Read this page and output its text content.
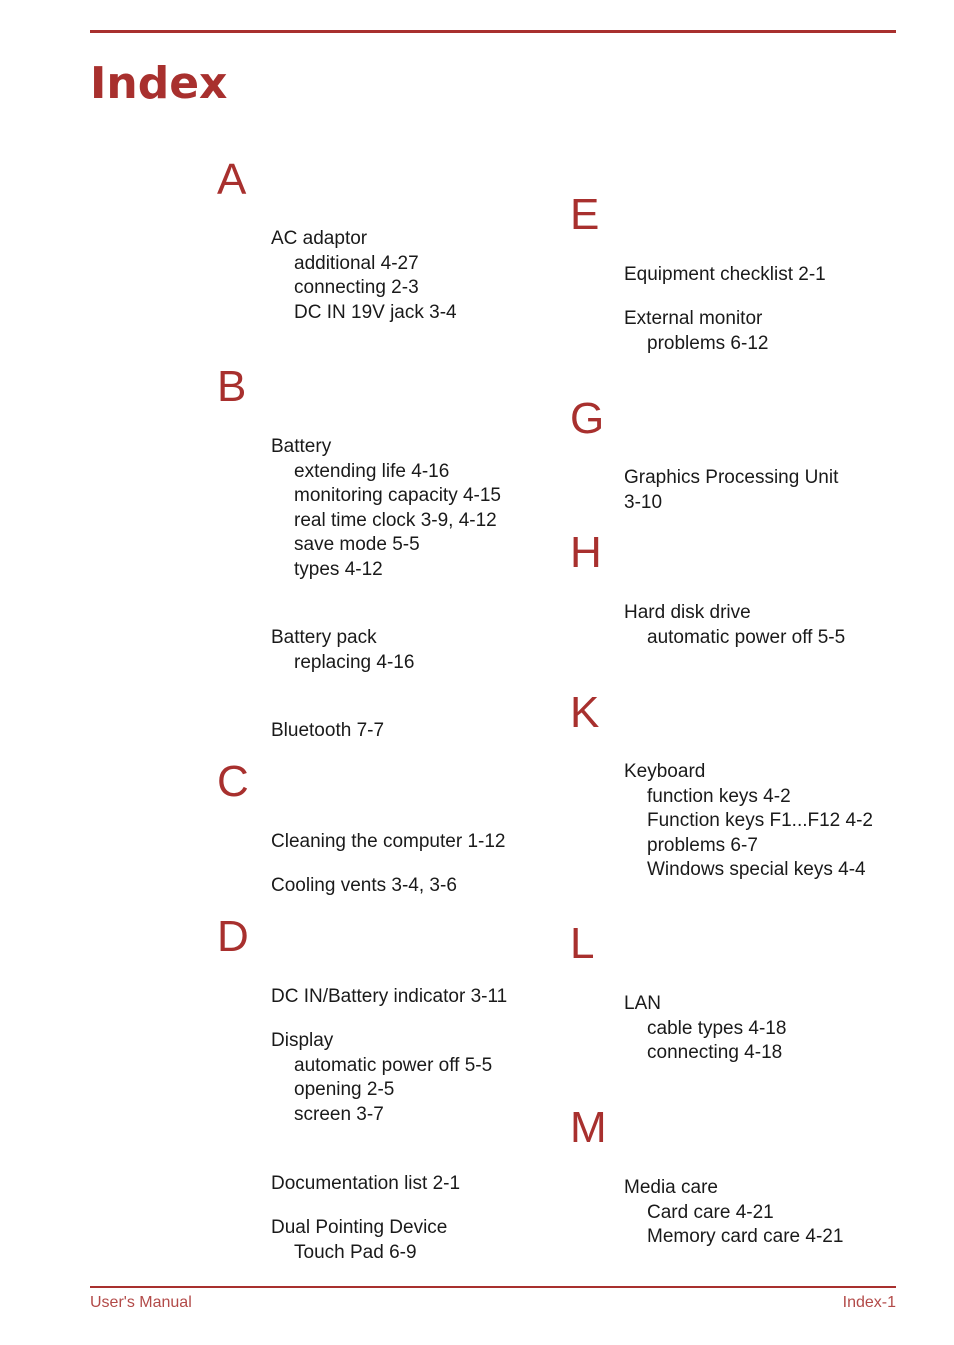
Index
A
AC adaptor
additional 4-27
connecting 2-3
DC IN 19V jack 3-4
B
Battery
extending life 4-16
monitoring capacity 4-15
real time clock 3-9, 4-12
save mode 5-5
types 4-12
Battery pack
replacing 4-16
Bluetooth 7-7
C
Cleaning the computer 1-12
Cooling vents 3-4, 3-6
D
DC IN/Battery indicator 3-11
Display
automatic power off 5-5
opening 2-5
screen 3-7
Documentation list 2-1
Dual Pointing Device
Touch Pad 6-9
E
Equipment checklist 2-1
External monitor
problems 6-12
G
Graphics Processing Unit
3-10
H
Hard disk drive
automatic power off 5-5
K
Keyboard
function keys 4-2
Function keys F1...F12 4-2
problems 6-7
Windows special keys 4-4
L
LAN
cable types 4-18
connecting 4-18
M
Media care
Card care 4-21
Memory card care 4-21
User's Manual	Index-1
